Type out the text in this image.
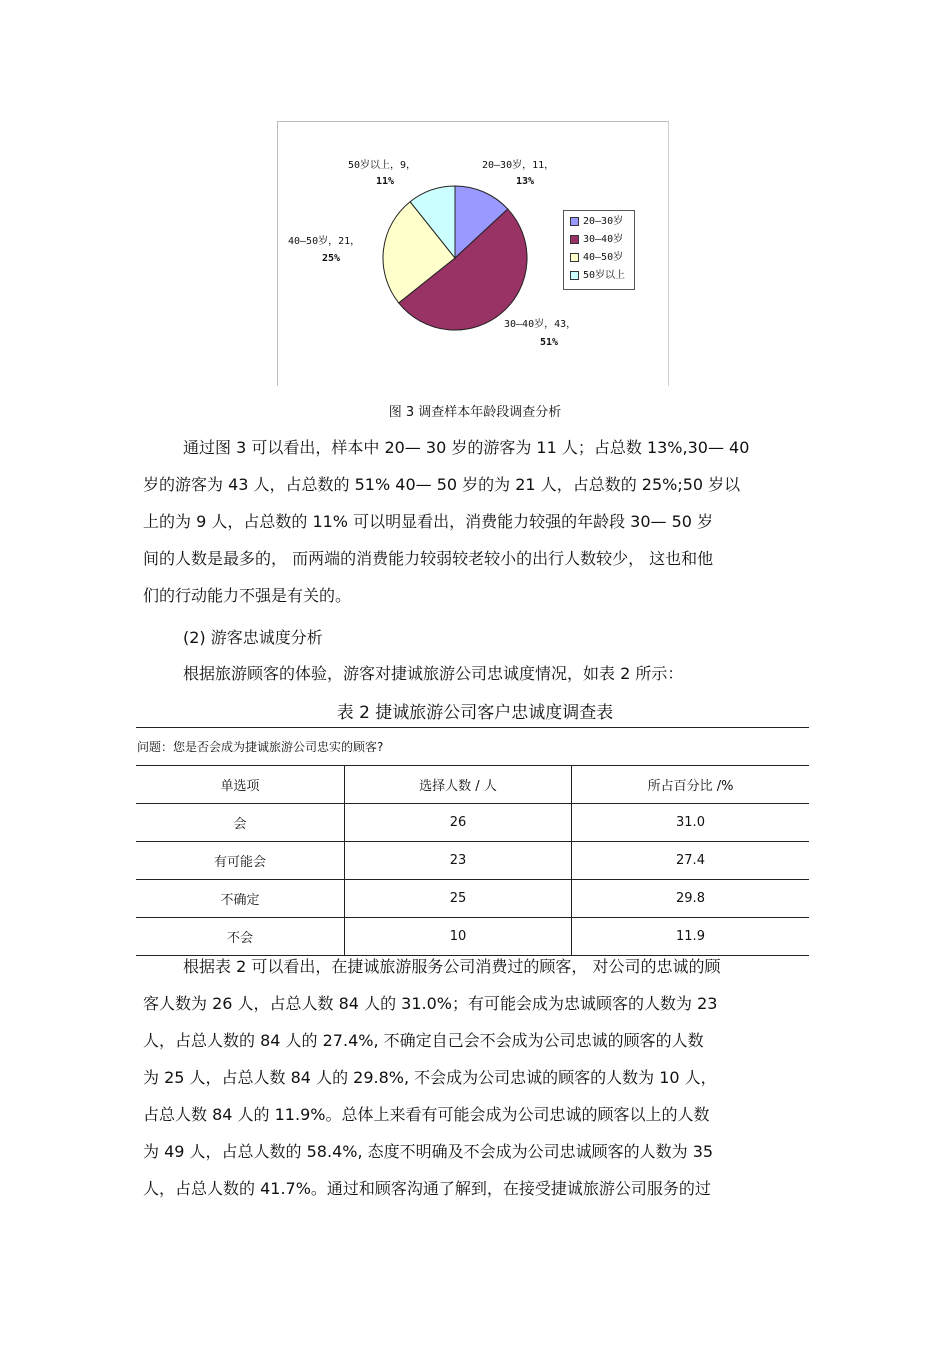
50岁以上，9，
11%
20—30岁，11，
13%
40—50岁，21，
25%
30—40岁，43，
51%
20—30岁
30—40岁
40—50岁
50岁以上
图 3 调查样本年龄段调查分析
通过图 3 可以看出，样本中 20— 30 岁的游客为 11 人；占总数 13%,30— 40
岁的游客为 43 人，占总数的 51% 40— 50 岁的为 21 人，占总数的 25%;50 岁以
上的为 9 人，占总数的 11% 可以明显看出，消费能力较强的年龄段 30— 50 岁
间的人数是最多的， 而两端的消费能力较弱较老较小的出行人数较少， 这也和他
们的行动能力不强是有关的。
(2) 游客忠诚度分析
根据旅游顾客的体验，游客对捷诚旅游公司忠诚度情况，如表 2 所示：
表 2 捷诚旅游公司客户忠诚度调查表
问题：您是否会成为捷诚旅游公司忠实的顾客?		
单选项	选择人数 / 人	所占百分比 /%
会	26	31.0
有可能会	23	27.4
不确定	25	29.8
不会	10	11.9
根据表 2 可以看出，在捷诚旅游服务公司消费过的顾客， 对公司的忠诚的顾
客人数为 26 人，占总人数 84 人的 31.0%；有可能会成为忠诚顾客的人数为 23
人，占总人数的 84 人的 27.4%, 不确定自己会不会成为公司忠诚的顾客的人数
为 25 人，占总人数 84 人的 29.8%, 不会成为公司忠诚的顾客的人数为 10 人，
占总人数 84 人的 11.9%。总体上来看有可能会成为公司忠诚的顾客以上的人数
为 49 人，占总人数的 58.4%, 态度不明确及不会成为公司忠诚顾客的人数为 35
人，占总人数的 41.7%。通过和顾客沟通了解到，在接受捷诚旅游公司服务的过
